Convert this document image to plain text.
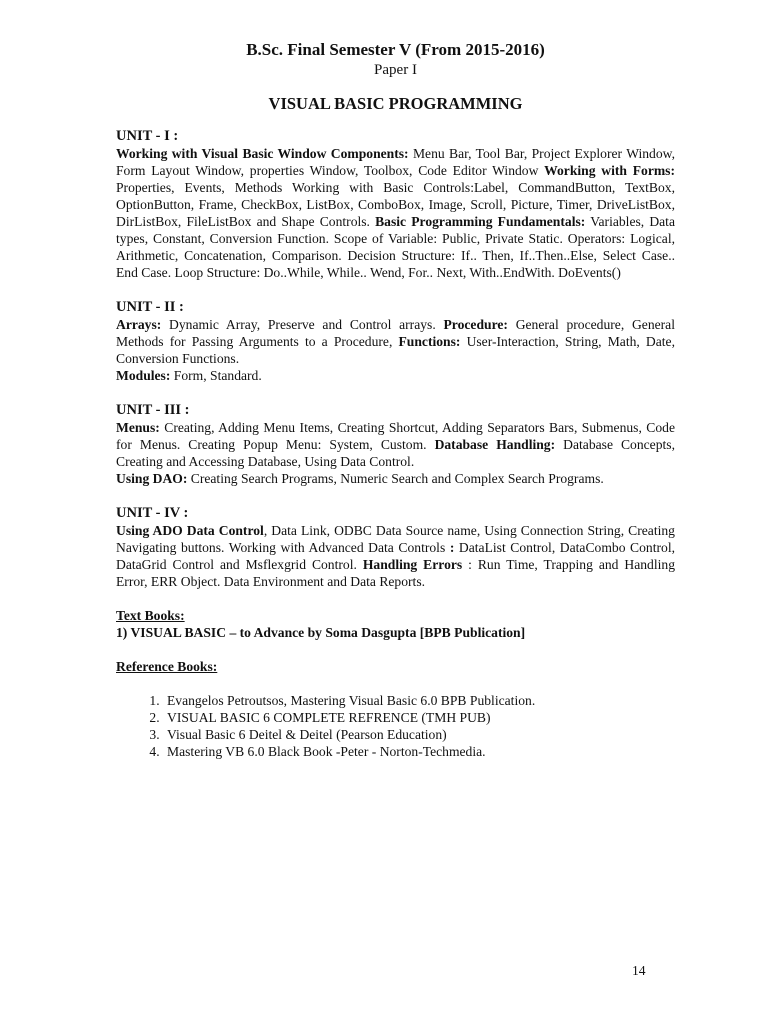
B.Sc. Final Semester V (From 2015-2016)
Paper I
VISUAL BASIC PROGRAMMING
UNIT - I :
Working with Visual Basic Window Components: Menu Bar, Tool Bar, Project Explorer Window, Form Layout Window, properties Window, Toolbox, Code Editor Window Working with Forms: Properties, Events, Methods Working with Basic Controls:Label, CommandButton, TextBox, OptionButton, Frame, CheckBox, ListBox, ComboBox, Image, Scroll, Picture, Timer, DriveListBox, DirListBox, FileListBox and Shape Controls. Basic Programming Fundamentals: Variables, Data types, Constant, Conversion Function. Scope of Variable: Public, Private Static. Operators: Logical, Arithmetic, Concatenation, Comparison. Decision Structure: If.. Then, If..Then..Else, Select Case.. End Case. Loop Structure: Do..While, While.. Wend, For.. Next, With..EndWith. DoEvents()
UNIT - II :
Arrays: Dynamic Array, Preserve and Control arrays. Procedure: General procedure, General Methods for Passing Arguments to a Procedure, Functions: User-Interaction, String, Math, Date, Conversion Functions.
Modules: Form, Standard.
UNIT - III :
Menus: Creating, Adding Menu Items, Creating Shortcut, Adding Separators Bars, Submenus, Code for Menus. Creating Popup Menu: System, Custom. Database Handling: Database Concepts, Creating and Accessing Database, Using Data Control.
Using DAO: Creating Search Programs, Numeric Search and Complex Search Programs.
UNIT - IV :
Using ADO Data Control, Data Link, ODBC Data Source name, Using Connection String, Creating Navigating buttons. Working with Advanced Data Controls : DataList Control, DataCombo Control, DataGrid Control and Msflexgrid Control. Handling Errors : Run Time, Trapping and Handling Error, ERR Object. Data Environment and Data Reports.
Text Books:
1) VISUAL BASIC – to Advance by Soma Dasgupta [BPB Publication]
Reference Books:
1. Evangelos Petroutsos, Mastering Visual Basic 6.0 BPB Publication.
2. VISUAL BASIC 6 COMPLETE REFRENCE (TMH PUB)
3. Visual Basic 6 Deitel & Deitel (Pearson Education)
4. Mastering VB 6.0 Black Book -Peter - Norton-Techmedia.
14
